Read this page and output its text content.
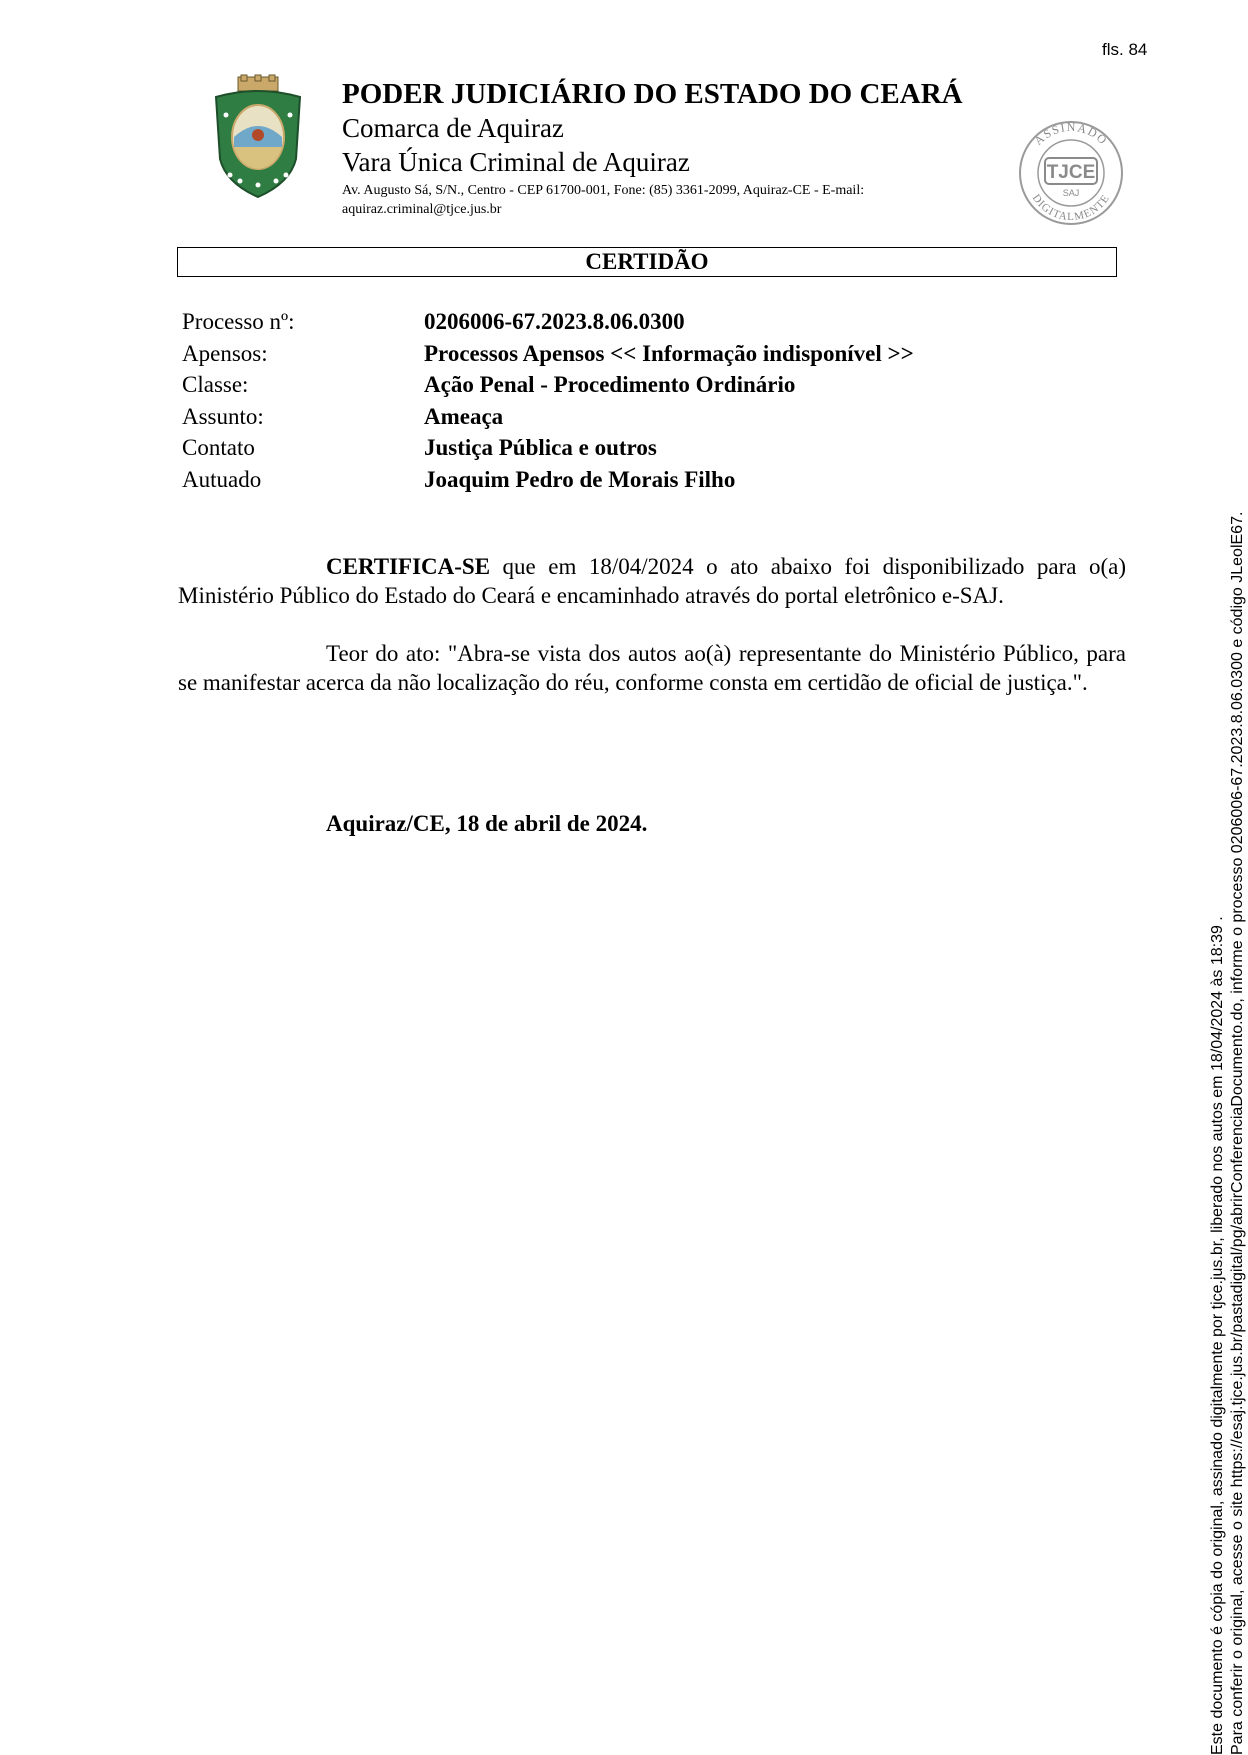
fls. 84
PODER JUDICIÁRIO DO ESTADO DO CEARÁ
Comarca de Aquiraz
Vara Única Criminal de Aquiraz
Av. Augusto Sá, S/N., Centro - CEP 61700-001, Fone: (85) 3361-2099, Aquiraz-CE - E-mail:
aquiraz.criminal@tjce.jus.br
ASSINADO
DIGITALMENTE
TJCE
SAJ
CERTIDÃO
Processo nº:	0206006-67.2023.8.06.0300
Apensos:	Processos Apensos << Informação indisponível >>
Classe:	Ação Penal - Procedimento Ordinário
Assunto:	Ameaça
Contato	Justiça Pública e outros
Autuado	Joaquim Pedro de Morais Filho
CERTIFICA-SE que em 18/04/2024 o ato abaixo foi disponibilizado para o(a) Ministério Público do Estado do Ceará e encaminhado através do portal eletrônico e-SAJ.
Teor do ato: "Abra-se vista dos autos ao(à) representante do Ministério Público, para se manifestar acerca da não localização do réu, conforme consta em certidão de oficial de justiça.".
Aquiraz/CE, 18 de abril de 2024.
Este documento é cópia do original, assinado digitalmente por tjce.jus.br, liberado nos autos em 18/04/2024 às 18:39 . Para conferir o original, acesse o site https://esaj.tjce.jus.br/pastadigital/pg/abrirConferenciaDocumento.do, informe o processo 0206006-67.2023.8.06.0300 e código JLeolE67.
